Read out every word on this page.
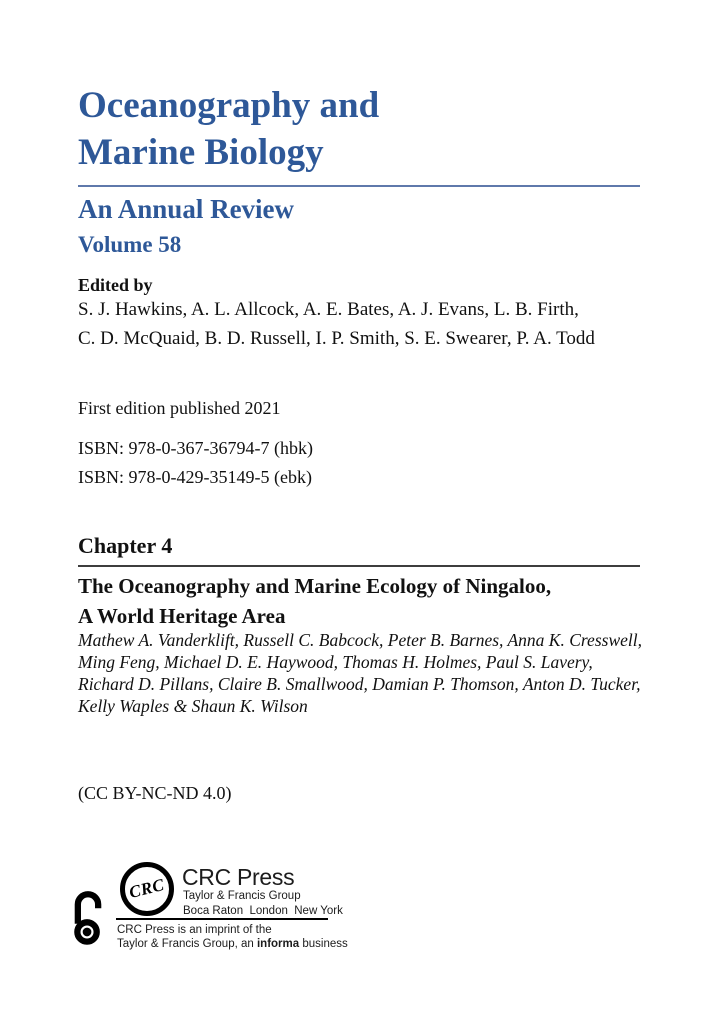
Oceanography and
Marine Biology
An Annual Review
Volume 58
Edited by
S. J. Hawkins, A. L. Allcock, A. E. Bates, A. J. Evans, L. B. Firth,
C. D. McQuaid, B. D. Russell, I. P. Smith, S. E. Swearer, P. A. Todd
First edition published 2021
ISBN: 978-0-367-36794-7 (hbk)
ISBN: 978-0-429-35149-5 (ebk)
Chapter 4
The Oceanography and Marine Ecology of Ningaloo,
A World Heritage Area
Mathew A. Vanderklift, Russell C. Babcock, Peter B. Barnes, Anna K. Cresswell,
Ming Feng, Michael D. E. Haywood, Thomas H. Holmes, Paul S. Lavery,
Richard D. Pillans, Claire B. Smallwood, Damian P. Thomson, Anton D. Tucker,
Kelly Waples & Shaun K. Wilson
(CC BY-NC-ND 4.0)
CRC CRC Press
Taylor & Francis Group
Boca Raton  London  New York
CRC Press is an imprint of the
Taylor & Francis Group, an informa business
